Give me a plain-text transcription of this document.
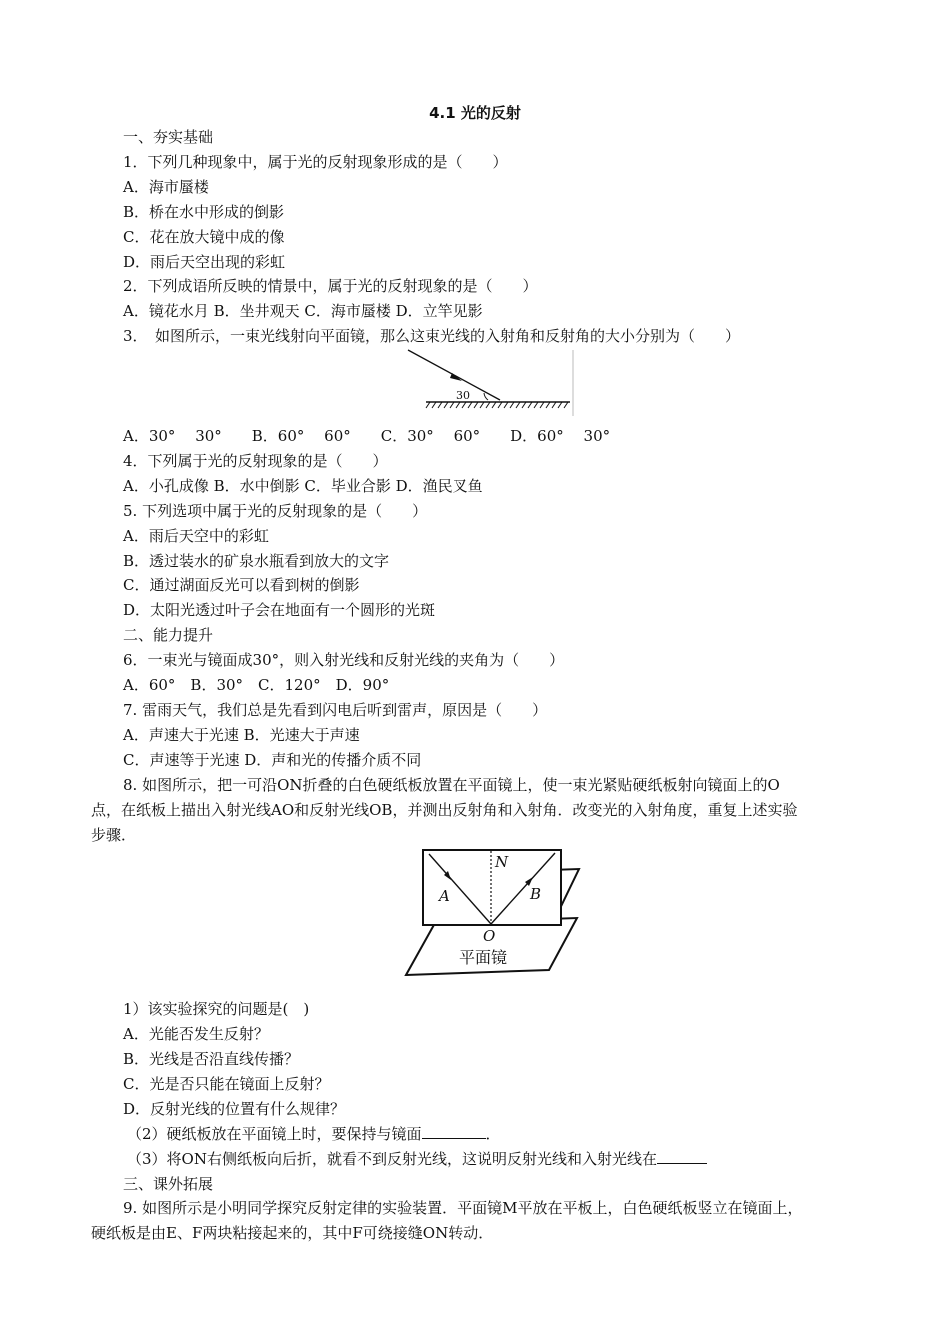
4.1 光的反射
一、夯实基础
1．下列几种现象中，属于光的反射现象形成的是（　　）
A．海市蜃楼
B．桥在水中形成的倒影
C．花在放大镜中成的像
D．雨后天空出现的彩虹
2．下列成语所反映的情景中，属于光的反射现象的是（　　）
A．镜花水月 B．坐井观天 C．海市蜃楼 D．立竿见影
3．　如图所示，一束光线射向平面镜，那么这束光线的入射角和反射角的大小分别为（　　）
30
A．30°　 30°　　B．60°　 60°　　C．30°　 60°　　D．60°　 30°
4．下列属于光的反射现象的是（　　）
A．小孔成像 B．水中倒影 C．毕业合影 D．渔民叉鱼
5. 下列选项中属于光的反射现象的是（　　）
A．雨后天空中的彩虹
B．透过装水的矿泉水瓶看到放大的文字
C．通过湖面反光可以看到树的倒影
D．太阳光透过叶子会在地面有一个圆形的光斑
二、能力提升
6．一束光与镜面成30°，则入射光线和反射光线的夹角为（　　）
A．60°　B．30°　C．120°　D．90°
7. 雷雨天气，我们总是先看到闪电后听到雷声，原因是（　　）
A．声速大于光速 B．光速大于声速
C．声速等于光速 D．声和光的传播介质不同
8. 如图所示，把一可沿ON折叠的白色硬纸板放置在平面镜上，使一束光紧贴硬纸板射向镜面上的O
点，在纸板上描出入射光线AO和反射光线OB，并测出反射角和入射角．改变光的入射角度，重复上述实验
步骤．
N
A	B
O
平面镜
1）该实验探究的问题是(　)
A．光能否发生反射？
B．光线是否沿直线传播？
C．光是否只能在镜面上反射？
D．反射光线的位置有什么规律？
（2）硬纸板放在平面镜上时，要保持与镜面	．
（3）将ON右侧纸板向后折，就看不到反射光线，这说明反射光线和入射光线在
三、课外拓展
9. 如图所示是小明同学探究反射定律的实验装置．平面镜M平放在平板上，白色硬纸板竖立在镜面上，
硬纸板是由E、F两块粘接起来的，其中F可绕接缝ON转动．
